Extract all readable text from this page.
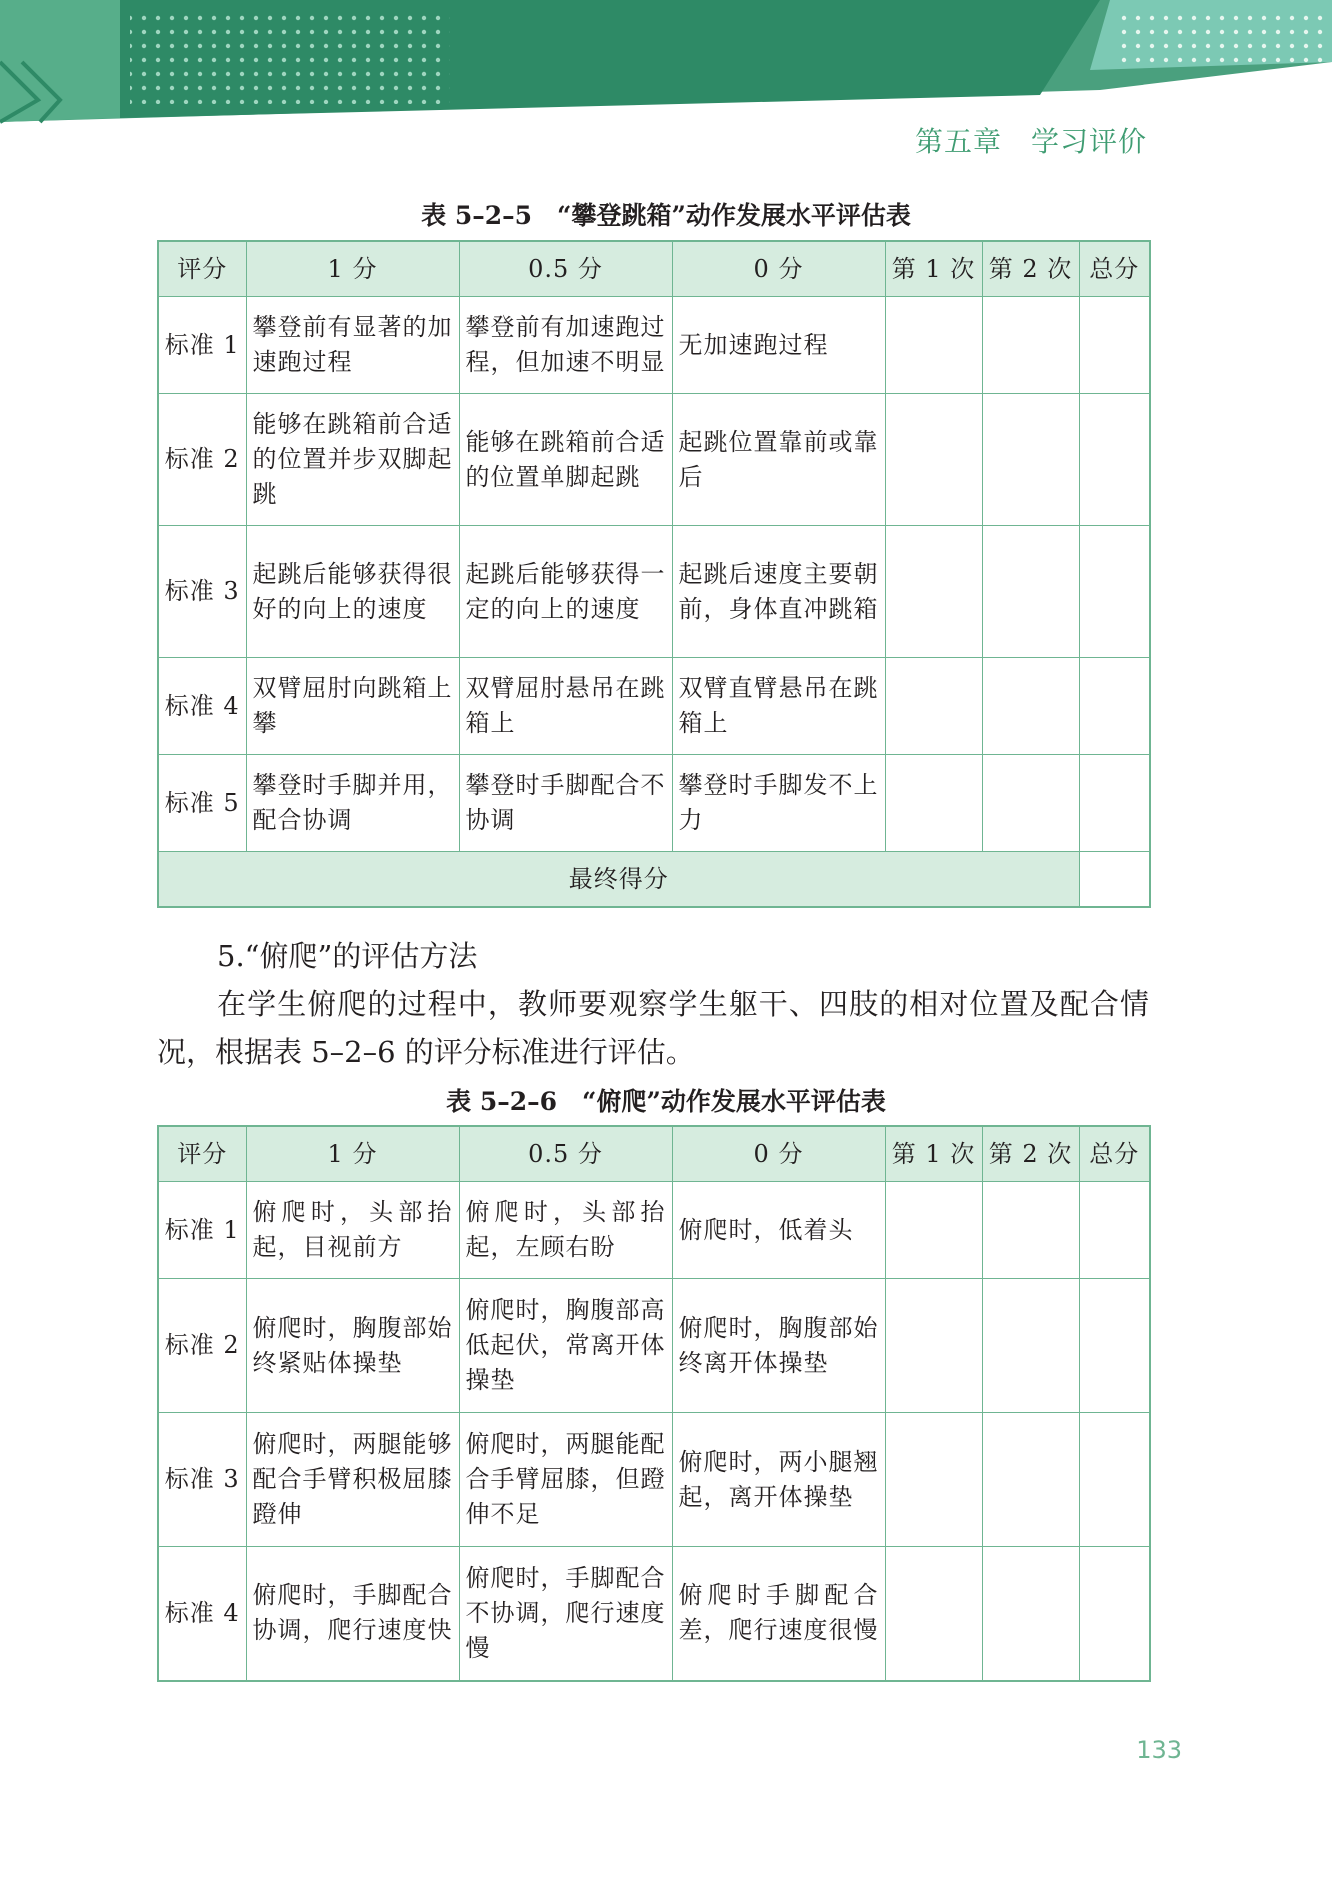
第五章　学习评价
表 5–2–5　“攀登跳箱”动作发展水平评估表
评分	1 分	0.5 分	0 分	第 1 次	第 2 次	总分
标准 1	攀登前有显著的加速跑过程	攀登前有加速跑过程，但加速不明显	无加速跑过程			
标准 2	能够在跳箱前合适的位置并步双脚起跳	能够在跳箱前合适的位置单脚起跳	起跳位置靠前或靠后			
标准 3	起跳后能够获得很好的向上的速度	起跳后能够获得一定的向上的速度	起跳后速度主要朝前，身体直冲跳箱			
标准 4	双臂屈肘向跳箱上攀	双臂屈肘悬吊在跳箱上	双臂直臂悬吊在跳箱上			
标准 5	攀登时手脚并用，配合协调	攀登时手脚配合不协调	攀登时手脚发不上力			
最终得分						
5.“俯爬”的评估方法
在学生俯爬的过程中，教师要观察学生躯干、四肢的相对位置及配合情况，根据表 5–2–6 的评分标准进行评估。
表 5–2–6　“俯爬”动作发展水平评估表
评分	1 分	0.5 分	0 分	第 1 次	第 2 次	总分
标准 1	俯爬时，头部抬起，目视前方	俯爬时，头部抬起，左顾右盼	俯爬时，低着头			
标准 2	俯爬时，胸腹部始终紧贴体操垫	俯爬时，胸腹部高低起伏，常离开体操垫	俯爬时，胸腹部始终离开体操垫			
标准 3	俯爬时，两腿能够配合手臂积极屈膝蹬伸	俯爬时，两腿能配合手臂屈膝，但蹬伸不足	俯爬时，两小腿翘起，离开体操垫			
标准 4	俯爬时，手脚配合协调，爬行速度快	俯爬时，手脚配合不协调，爬行速度慢	俯爬时手脚配合差，爬行速度很慢			
133
